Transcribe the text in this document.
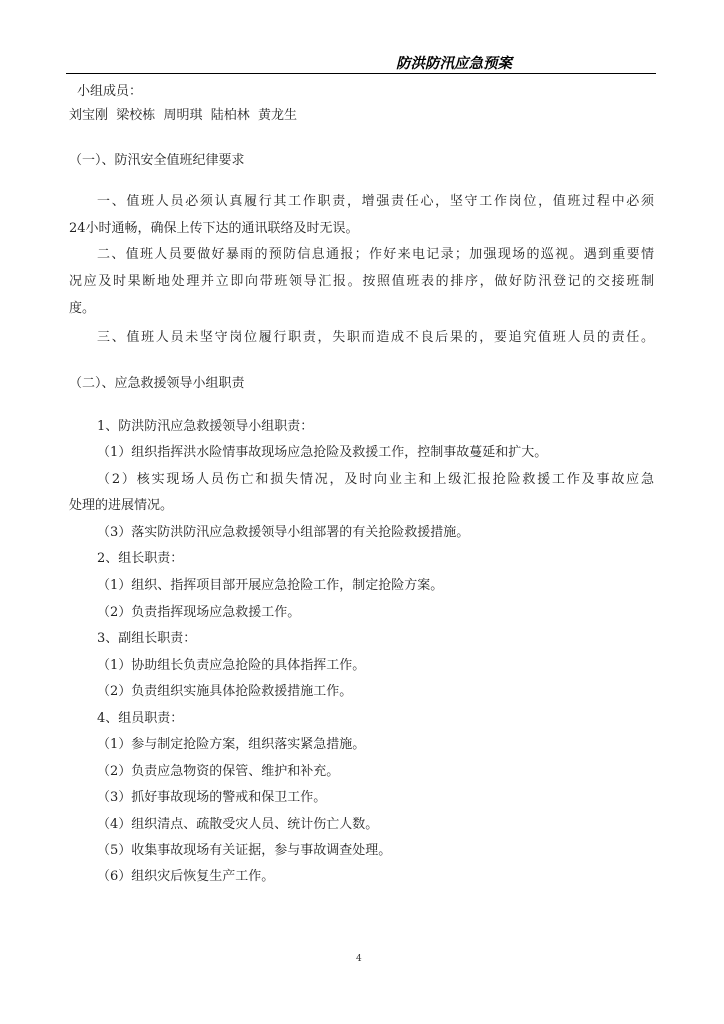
防洪防汛应急预案
小组成员：
刘宝刚  梁校栋  周明琪  陆柏林  黄龙生
（一）、防汛安全值班纪律要求
一、值班人员必须认真履行其工作职责，增强责任心，坚守工作岗位，值班过程中必须
24小时通畅，确保上传下达的通讯联络及时无误。
二、值班人员要做好暴雨的预防信息通报；作好来电记录；加强现场的巡视。遇到重要情
况应及时果断地处理并立即向带班领导汇报。按照值班表的排序，做好防汛登记的交接班制
度。
三、值班人员未坚守岗位履行职责，失职而造成不良后果的，要追究值班人员的责任。
（二）、应急救援领导小组职责
1、防洪防汛应急救援领导小组职责：
（1）组织指挥洪水险情事故现场应急抢险及救援工作，控制事故蔓延和扩大。
（2）核实现场人员伤亡和损失情况，及时向业主和上级汇报抢险救援工作及事故应急
处理的进展情况。
（3）落实防洪防汛应急救援领导小组部署的有关抢险救援措施。
2、组长职责：
（1）组织、指挥项目部开展应急抢险工作，制定抢险方案。
（2）负责指挥现场应急救援工作。
3、副组长职责：
（1）协助组长负责应急抢险的具体指挥工作。
（2）负责组织实施具体抢险救援措施工作。
4、组员职责：
（1）参与制定抢险方案，组织落实紧急措施。
（2）负责应急物资的保管、维护和补充。
（3）抓好事故现场的警戒和保卫工作。
（4）组织清点、疏散受灾人员、统计伤亡人数。
（5）收集事故现场有关证据，参与事故调查处理。
（6）组织灾后恢复生产工作。
4
